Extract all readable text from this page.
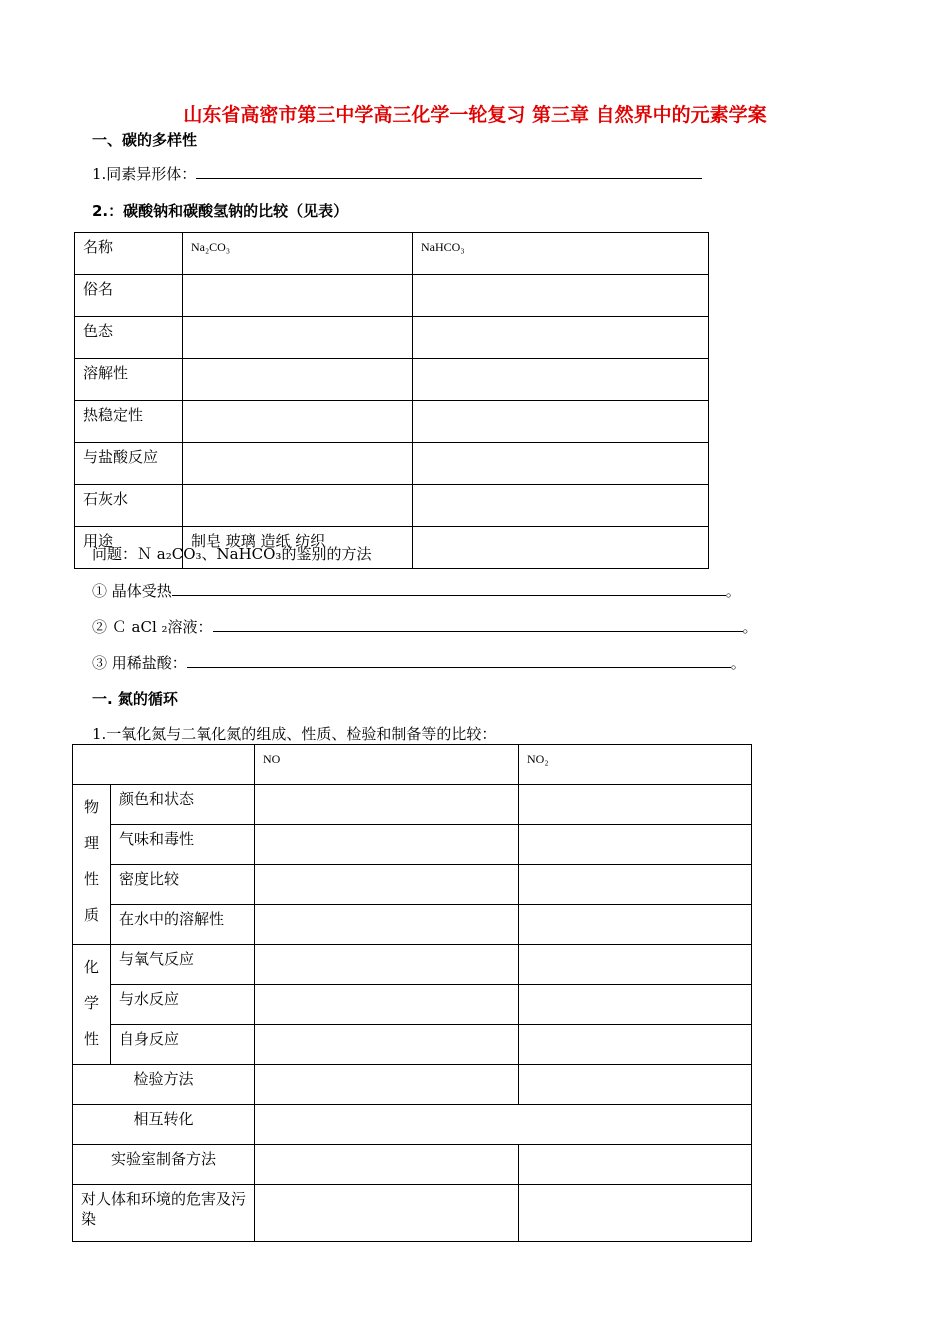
山东省高密市第三中学高三化学一轮复习 第三章 自然界中的元素学案
一、碳的多样性
1.同素异形体：
2.：碳酸钠和碳酸氢钠的比较（见表）
名称	Na₂CO₃	NaHCO₃
俗名		
色态		
溶解性		
热稳定性		
与盐酸反应		
石灰水		
用途	制皂 玻璃 造纸 纺织	
问题：Ｎ a₂CO₃、NaHCO₃的鉴别的方法
① 晶体受热	。
② Ｃ aCl ₂溶液：	。
③ 用稀盐酸：	。
一. 氮的循环
1.一氧化氮与二氧化氮的组成、性质、检验和制备等的比较：
		NO	NO₂

物
理
性
质	颜色和状态		
	气味和毒性		
	密度比较		
	在水中的溶解性		

化
学
性	与氧气反应		
	与水反应		
	自身反应		
检验方法			
相互转化			
实验室制备方法			
对人体和环境的危害及污染			
